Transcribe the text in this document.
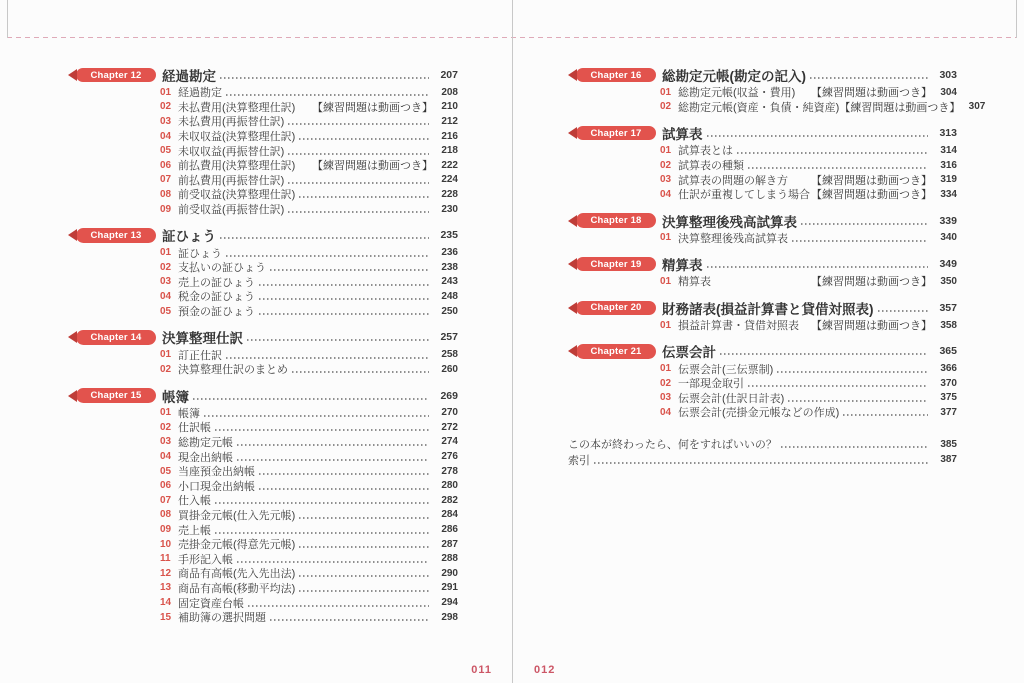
Chapter 12 経過勘定	207
01 経過勘定	208
02 未払費用(決算整理仕訳) 【練習問題は動画つき】 210
03 未払費用(再振替仕訳)	212
04 未収収益(決算整理仕訳)	216
05 未収収益(再振替仕訳)	218
06 前払費用(決算整理仕訳) 【練習問題は動画つき】 222
07 前払費用(再振替仕訳)	224
08 前受収益(決算整理仕訳)	228
09 前受収益(再振替仕訳)	230
Chapter 13 証ひょう	235
01 証ひょう	236
02 支払いの証ひょう	238
03 売上の証ひょう	243
04 税金の証ひょう	248
05 預金の証ひょう	250
Chapter 14 決算整理仕訳	257
01 訂正仕訳	258
02 決算整理仕訳のまとめ	260
Chapter 15 帳簿	269
01 帳簿	270
02 仕訳帳	272
03 総勘定元帳	274
04 現金出納帳	276
05 当座預金出納帳	278
06 小口現金出納帳	280
07 仕入帳	282
08 買掛金元帳(仕入先元帳)	284
09 売上帳	286
10 売掛金元帳(得意先元帳)	287
11 手形記入帳	288
12 商品有高帳(先入先出法)	290
13 商品有高帳(移動平均法)	291
14 固定資産台帳	294
15 補助簿の選択問題	298
Chapter 16 総勘定元帳(勘定の記入)	303
01 総勘定元帳(収益・費用) 【練習問題は動画つき】 304
02 総勘定元帳(資産・負債・純資産) 【練習問題は動画つき】 307
Chapter 17 試算表	313
01 試算表とは	314
02 試算表の種類	316
03 試算表の問題の解き方 【練習問題は動画つき】 319
04 仕訳が重複してしまう場合 【練習問題は動画つき】 334
Chapter 18 決算整理後残高試算表	339
01 決算整理後残高試算表	340
Chapter 19 精算表	349
01 精算表	【練習問題は動画つき】 350
Chapter 20 財務諸表(損益計算書と貸借対照表)	357
01 損益計算書・貸借対照表 【練習問題は動画つき】 358
Chapter 21 伝票会計	365
01 伝票会計(三伝票制)	366
02 一部現金取引	370
03 伝票会計(仕訳日計表)	375
04 伝票会計(売掛金元帳などの作成)	377
この本が終わったら、何をすればいいの？	385
索引	387
011	012
